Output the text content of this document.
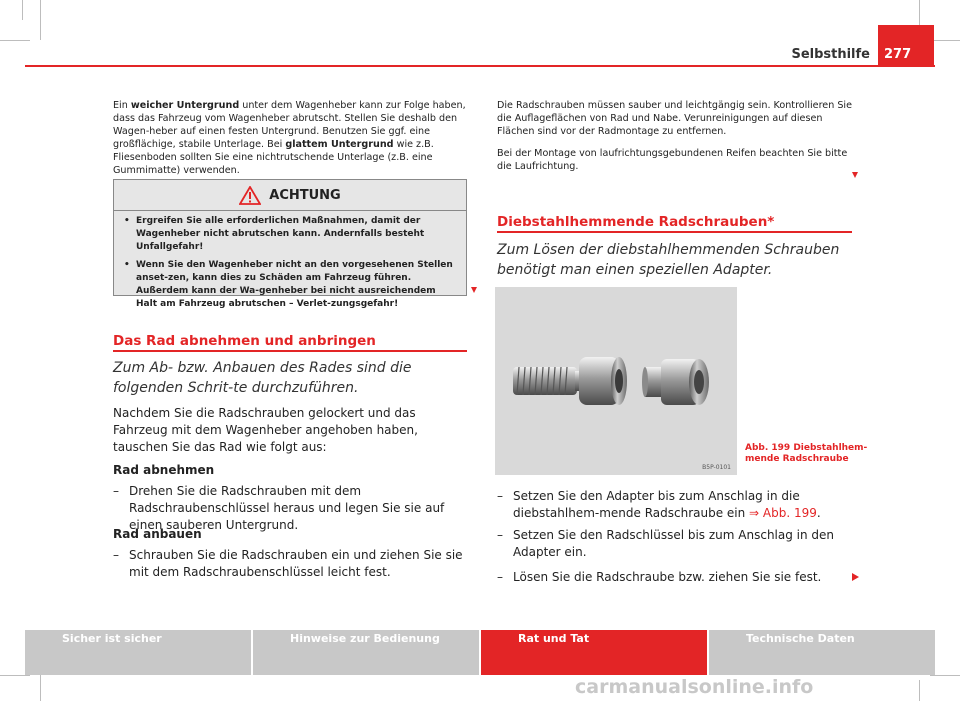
Selbsthilfe	277

Ein weicher Untergrund unter dem Wagenheber kann zur Folge haben, dass das Fahrzeug vom Wagenheber abrutscht. Stellen Sie deshalb den Wagen-heber auf einen festen Untergrund. Benutzen Sie ggf. eine großflächige, stabile Unterlage. Bei glattem Untergrund wie z.B. Fliesenboden sollten Sie eine nichtrutschende Unterlage (z.B. eine Gummimatte) verwenden.

ACHTUNG
• Ergreifen Sie alle erforderlichen Maßnahmen, damit der Wagenheber nicht abrutschen kann. Andernfalls besteht Unfallgefahr!
• Wenn Sie den Wagenheber nicht an den vorgesehenen Stellen anset-zen, kann dies zu Schäden am Fahrzeug führen. Außerdem kann der Wa-genheber bei nicht ausreichendem Halt am Fahrzeug abrutschen – Verlet-zungsgefahr!
Das Rad abnehmen und anbringen
Zum Ab- bzw. Anbauen des Rades sind die folgenden Schrit-te durchzuführen.
Nachdem Sie die Radschrauben gelockert und das Fahrzeug mit dem Wagenheber angehoben haben, tauschen Sie das Rad wie folgt aus:
Rad abnehmen
– Drehen Sie die Radschrauben mit dem Radschraubenschlüssel heraus und legen Sie sie auf einen sauberen Untergrund.
Rad anbauen
– Schrauben Sie die Radschrauben ein und ziehen Sie sie mit dem Radschraubenschlüssel leicht fest.

Die Radschrauben müssen sauber und leichtgängig sein. Kontrollieren Sie die Auflageflächen von Rad und Nabe. Verunreinigungen auf diesen Flächen sind vor der Radmontage zu entfernen.

Bei der Montage von laufrichtungsgebundenen Reifen beachten Sie bitte die Laufrichtung.

Diebstahlhemmende Radschrauben*
Zum Lösen der diebstahlhemmenden Schrauben benötigt man einen speziellen Adapter.
B5P-0101
Abb. 199 Diebstahlhem-
mende Radschraube
– Setzen Sie den Adapter bis zum Anschlag in die diebstahlhem-mende Radschraube ein ⇒ Abb. 199.
– Setzen Sie den Radschlüssel bis zum Anschlag in den Adapter ein.
– Lösen Sie die Radschraube bzw. ziehen Sie sie fest.
Sicher ist sicher	Hinweise zur Bedienung	Rat und Tat	Technische Daten
carmanualsonline.info
